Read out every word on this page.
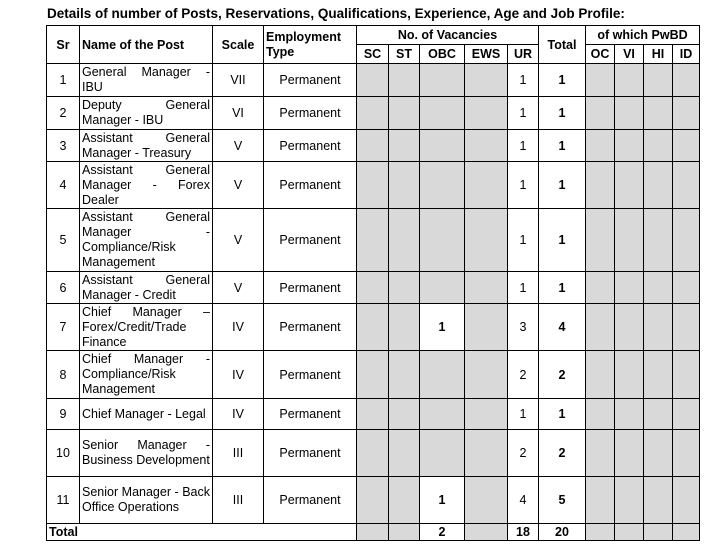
Details of number of Posts, Reservations, Qualifications, Experience, Age and Job Profile:
Sr	Name of the Post	Scale	Employment Type	No. of Vacancies					Total	of which PwBD			
				SC	ST	OBC	EWS	UR		OC	VI	HI	ID
1	General Manager - IBU	VII	Permanent					1	1				
2	Deputy General Manager - IBU	VI	Permanent					1	1				
3	Assistant General Manager - Treasury	V	Permanent					1	1				
4	Assistant General Manager - Forex Dealer	V	Permanent					1	1				
5	Assistant General Manager - Compliance/Risk Management	V	Permanent					1	1				
6	Assistant General Manager - Credit	V	Permanent					1	1				
7	Chief Manager – Forex/Credit/Trade Finance	IV	Permanent			1		3	4				
8	Chief Manager - Compliance/Risk Management	IV	Permanent					2	2				
9	Chief Manager - Legal	IV	Permanent					1	1				
10	Senior Manager - Business Development	III	Permanent					2	2				
11	Senior Manager - Back Office Operations	III	Permanent			1		4	5				
Total						2		18	20				
